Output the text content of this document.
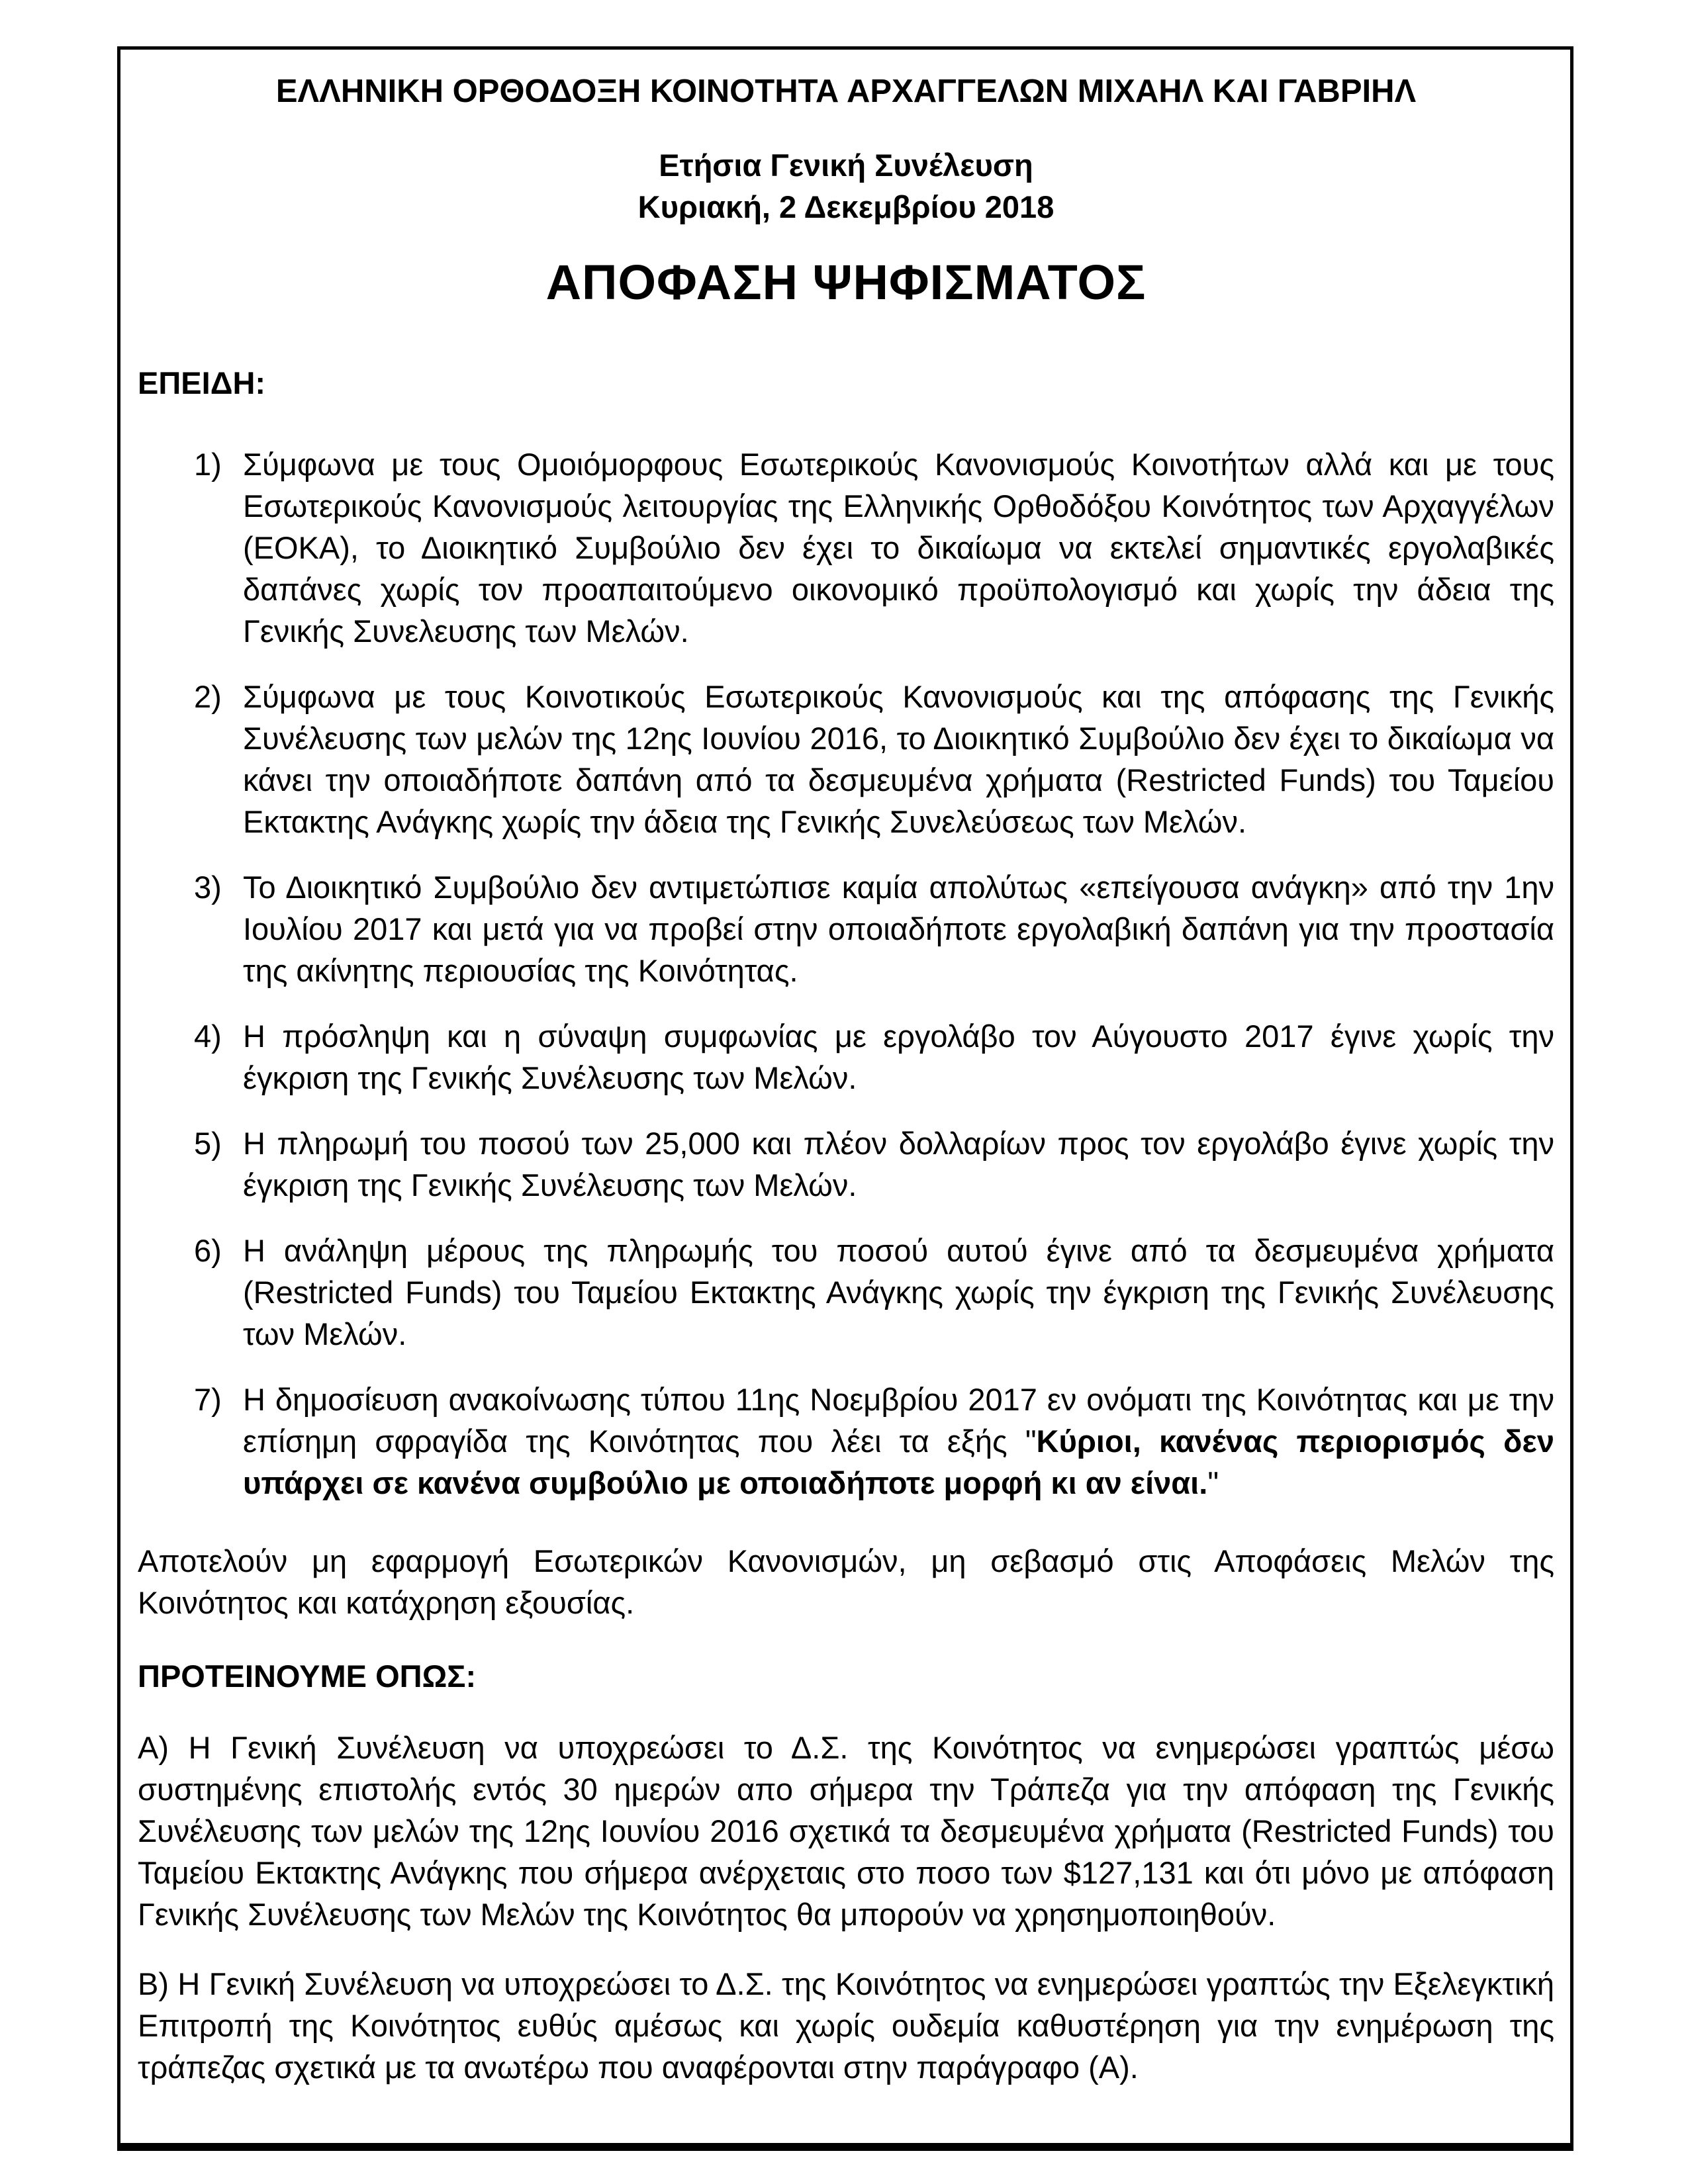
ΕΛΛΗΝΙΚΗ ΟΡΘΟΔΟΞΗ ΚΟΙΝΟΤΗΤΑ ΑΡΧΑΓΓΕΛΩΝ ΜΙΧΑΗΛ ΚΑΙ ΓΑΒΡΙΗΛ
Ετήσια Γενική Συνέλευση
Κυριακή, 2 Δεκεμβρίου 2018
ΑΠΟΦΑΣΗ ΨΗΦΙΣΜΑΤΟΣ
ΕΠΕΙΔΗ:
1) Σύμφωνα με τους Ομοιόμορφους Εσωτερικούς Κανονισμούς Κοινοτήτων αλλά και με τους Εσωτερικούς Κανονισμούς λειτουργίας της Ελληνικής Ορθοδόξου Κοινότητος των Αρχαγγέλων (ΕΟΚΑ), το Διοικητικό Συμβούλιο δεν έχει το δικαίωμα να εκτελεί σημαντικές εργολαβικές δαπάνες χωρίς τον προαπαιτούμενο οικονομικό προϋπολογισμό και χωρίς την άδεια της Γενικής Συνελευσης των Μελών.
2) Σύμφωνα με τους Κοινοτικούς Εσωτερικούς Κανονισμούς και της απόφασης της Γενικής Συνέλευσης των μελών της 12ης Ιουνίου 2016, το Διοικητικό Συμβούλιο δεν έχει το δικαίωμα να κάνει την οποιαδήποτε δαπάνη από τα δεσμευμένα χρήματα (Restricted Funds) του Ταμείου Εκτακτης Ανάγκης χωρίς την άδεια της Γενικής Συνελεύσεως των Μελών.
3) Το Διοικητικό Συμβούλιο δεν αντιμετώπισε καμία απολύτως «επείγουσα ανάγκη» από την 1ην Ιουλίου 2017 και μετά για να προβεί στην οποιαδήποτε εργολαβική δαπάνη για την προστασία της ακίνητης περιουσίας της Κοινότητας.
4) Η πρόσληψη και η σύναψη συμφωνίας με εργολάβο τον Αύγουστο 2017 έγινε χωρίς την έγκριση της Γενικής Συνέλευσης των Μελών.
5) Η πληρωμή του ποσού των 25,000 και πλέον δολλαρίων προς τον εργολάβο έγινε χωρίς την έγκριση της Γενικής Συνέλευσης των Μελών.
6) Η ανάληψη μέρους της πληρωμής του ποσού αυτού έγινε από τα δεσμευμένα χρήματα (Restricted Funds) του Ταμείου Εκτακτης Ανάγκης χωρίς την έγκριση της Γενικής Συνέλευσης των Μελών.
7) Η δημοσίευση ανακοίνωσης τύπου 11ης Νοεμβρίου 2017 εν ονόματι της Κοινότητας και με την επίσημη σφραγίδα της Κοινότητας που λέει τα εξής "Κύριοι, κανένας περιορισμός δεν υπάρχει σε κανένα συμβούλιο με οποιαδήποτε μορφή κι αν είναι."
Αποτελούν μη εφαρμογή Εσωτερικών Κανονισμών, μη σεβασμό στις Αποφάσεις Μελών της Κοινότητος και κατάχρηση εξουσίας.
ΠΡΟΤΕΙΝΟΥΜΕ ΟΠΩΣ:
Α) Η Γενική Συνέλευση να υποχρεώσει το Δ.Σ. της Κοινότητος να ενημερώσει γραπτώς μέσω συστημένης επιστολής εντός 30 ημερών απο σήμερα την Τράπεζα για την απόφαση της Γενικής Συνέλευσης των μελών της 12ης Ιουνίου 2016 σχετικά τα δεσμευμένα χρήματα (Restricted Funds) του Ταμείου Εκτακτης Ανάγκης που σήμερα ανέρχεταις στο ποσο των $127,131 και ότι μόνο με απόφαση Γενικής Συνέλευσης των Μελών της Κοινότητος θα μπορούν να χρησημοποιηθούν.
Β) Η Γενική Συνέλευση να υποχρεώσει το Δ.Σ. της Κοινότητος να ενημερώσει γραπτώς την Εξελεγκτική Επιτροπή της Κοινότητος ευθύς αμέσως και χωρίς ουδεμία καθυστέρηση για την ενημέρωση της τράπεζας σχετικά με τα ανωτέρω που αναφέρονται στην παράγραφο (Α).
